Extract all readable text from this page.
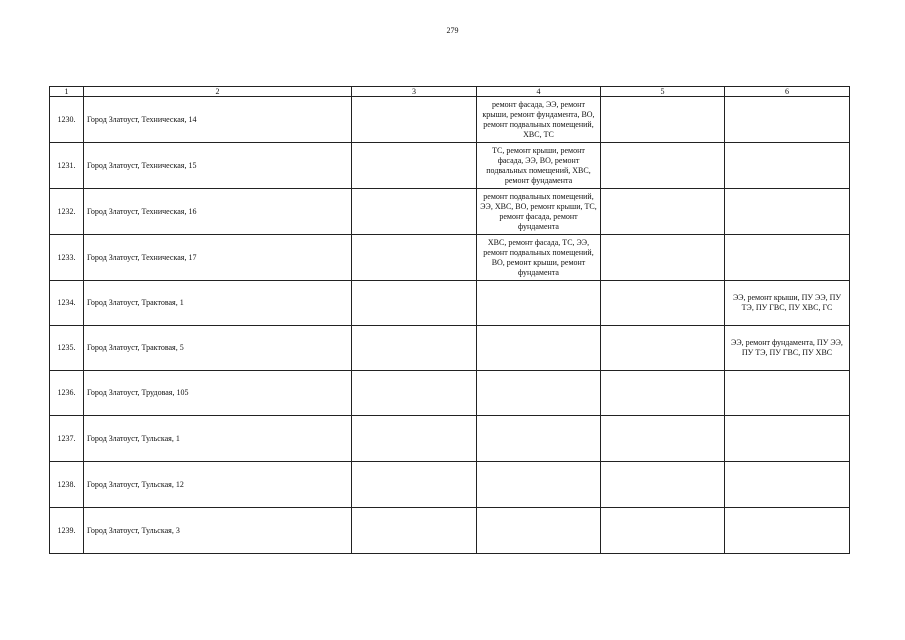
279
1	2	3	4	5	6
1230.	Город Златоуст, Техническая, 14		ремонт фасада, ЭЭ, ремонт крыши, ремонт фундамента, ВО, ремонт подвальных помещений, ХВС, ТС		
1231.	Город Златоуст, Техническая, 15		ТС, ремонт крыши, ремонт фасада, ЭЭ, ВО, ремонт подвальных помещений, ХВС, ремонт фундамента		
1232.	Город Златоуст, Техническая, 16		ремонт подвальных помещений, ЭЭ, ХВС, ВО, ремонт крыши, ТС, ремонт фасада, ремонт фундамента		
1233.	Город Златоуст, Техническая, 17		ХВС, ремонт фасада, ТС, ЭЭ, ремонт подвальных помещений, ВО, ремонт крыши, ремонт фундамента		
1234.	Город Златоуст, Трактовая, 1				ЭЭ, ремонт крыши, ПУ ЭЭ, ПУ ТЭ, ПУ ГВС, ПУ ХВС, ГС
1235.	Город Златоуст, Трактовая, 5				ЭЭ, ремонт фундамента, ПУ ЭЭ, ПУ ТЭ, ПУ ГВС, ПУ ХВС
1236.	Город Златоуст, Трудовая, 105				
1237.	Город Златоуст, Тульская, 1				
1238.	Город Златоуст, Тульская, 12				
1239.	Город Златоуст, Тульская, 3				
